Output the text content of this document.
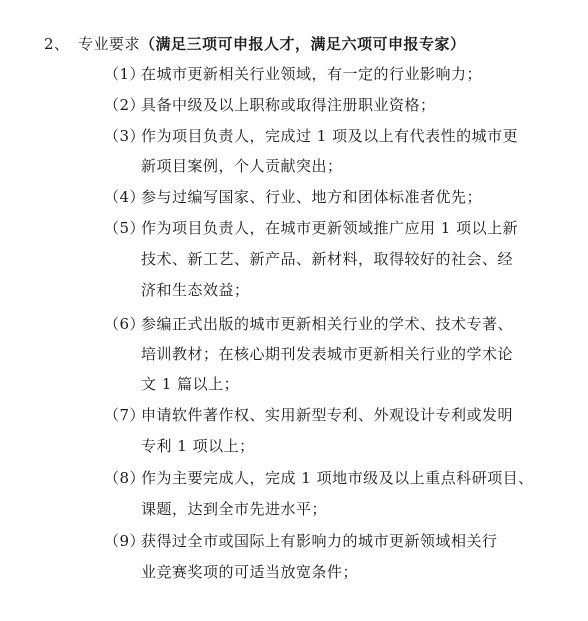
2、 专业要求（满足三项可申报人才，满足六项可申报专家）
（1）
在城市更新相关行业领域，有一定的行业影响力；
（2）
具备中级及以上职称或取得注册职业资格；
（3）
作为项目负责人，完成过 1 项及以上有代表性的城市更
新项目案例，个人贡献突出；
（4）
参与过编写国家、行业、地方和团体标准者优先；
（5）
作为项目负责人，在城市更新领域推广应用 1 项以上新
技术、新工艺、新产品、新材料，取得较好的社会、经
济和生态效益；
（6）
参编正式出版的城市更新相关行业的学术、技术专著、
培训教材；在核心期刊发表城市更新相关行业的学术论
文 1 篇以上；
（7）
申请软件著作权、实用新型专利、外观设计专利或发明
专利 1 项以上；
（8）
作为主要完成人，完成 1 项地市级及以上重点科研项目、
课题，达到全市先进水平；
（9）
获得过全市或国际上有影响力的城市更新领域相关行
业竞赛奖项的可适当放宽条件；
